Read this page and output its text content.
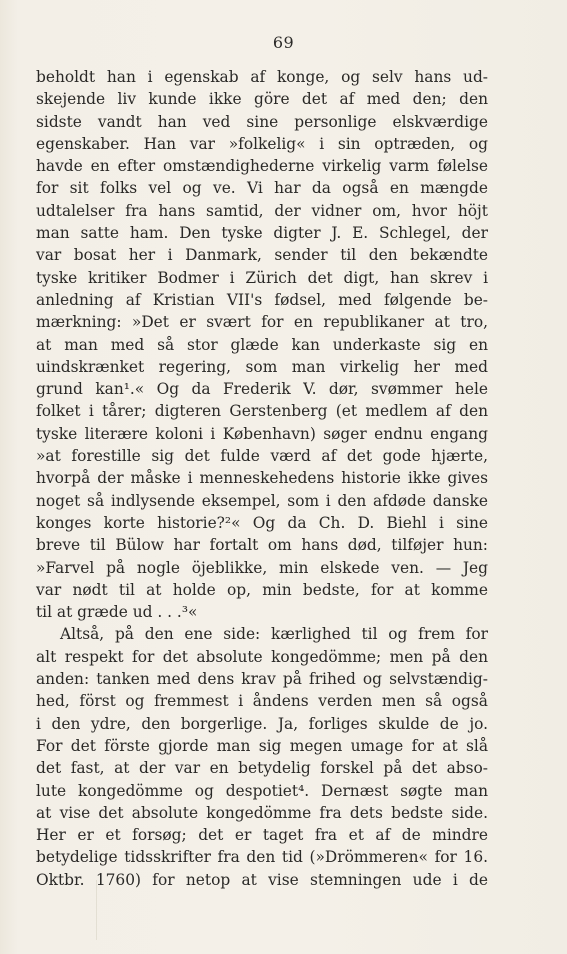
69
beholdt han i egenskab af konge, og selv hans ud-
skejende liv kunde ikke göre det af med den; den
sidste vandt han ved sine personlige elskværdige
egenskaber. Han var »folkelig« i sin optræden, og
havde en efter omstændighederne virkelig varm følelse
for sit folks vel og ve. Vi har da også en mængde
udtalelser fra hans samtid, der vidner om, hvor höjt
man satte ham. Den tyske digter J. E. Schlegel, der
var bosat her i Danmark, sender til den bekændte
tyske kritiker Bodmer i Zürich det digt, han skrev i
anledning af Kristian VII's fødsel, med følgende be-
mærkning: »Det er svært for en republikaner at tro,
at man med så stor glæde kan underkaste sig en
uindskrænket regering, som man virkelig her med
grund kan¹.« Og da Frederik V. dør, svømmer hele
folket i tårer; digteren Gerstenberg (et medlem af den
tyske literære koloni i København) søger endnu engang
»at forestille sig det fulde værd af det gode hjærte,
hvorpå der måske i menneskehedens historie ikke gives
noget så indlysende eksempel, som i den afdøde danske
konges korte historie?²« Og da Ch. D. Biehl i sine
breve til Bülow har fortalt om hans død, tilføjer hun:
»Farvel på nogle öjeblikke, min elskede ven. — Jeg
var nødt til at holde op, min bedste, for at komme
til at græde ud . . .³«
Altså, på den ene side: kærlighed til og frem for
alt respekt for det absolute kongedömme; men på den
anden: tanken med dens krav på frihed og selvstændig-
hed, först og fremmest i åndens verden men så også
i den ydre, den borgerlige. Ja, forliges skulde de jo.
For det förste gjorde man sig megen umage for at slå
det fast, at der var en betydelig forskel på det abso-
lute kongedömme og despotiet⁴. Dernæst søgte man
at vise det absolute kongedömme fra dets bedste side.
Her er et forsøg; det er taget fra et af de mindre
betydelige tidsskrifter fra den tid (»Drömmeren« for 16.
Oktbr. 1760) for netop at vise stemningen ude i de
